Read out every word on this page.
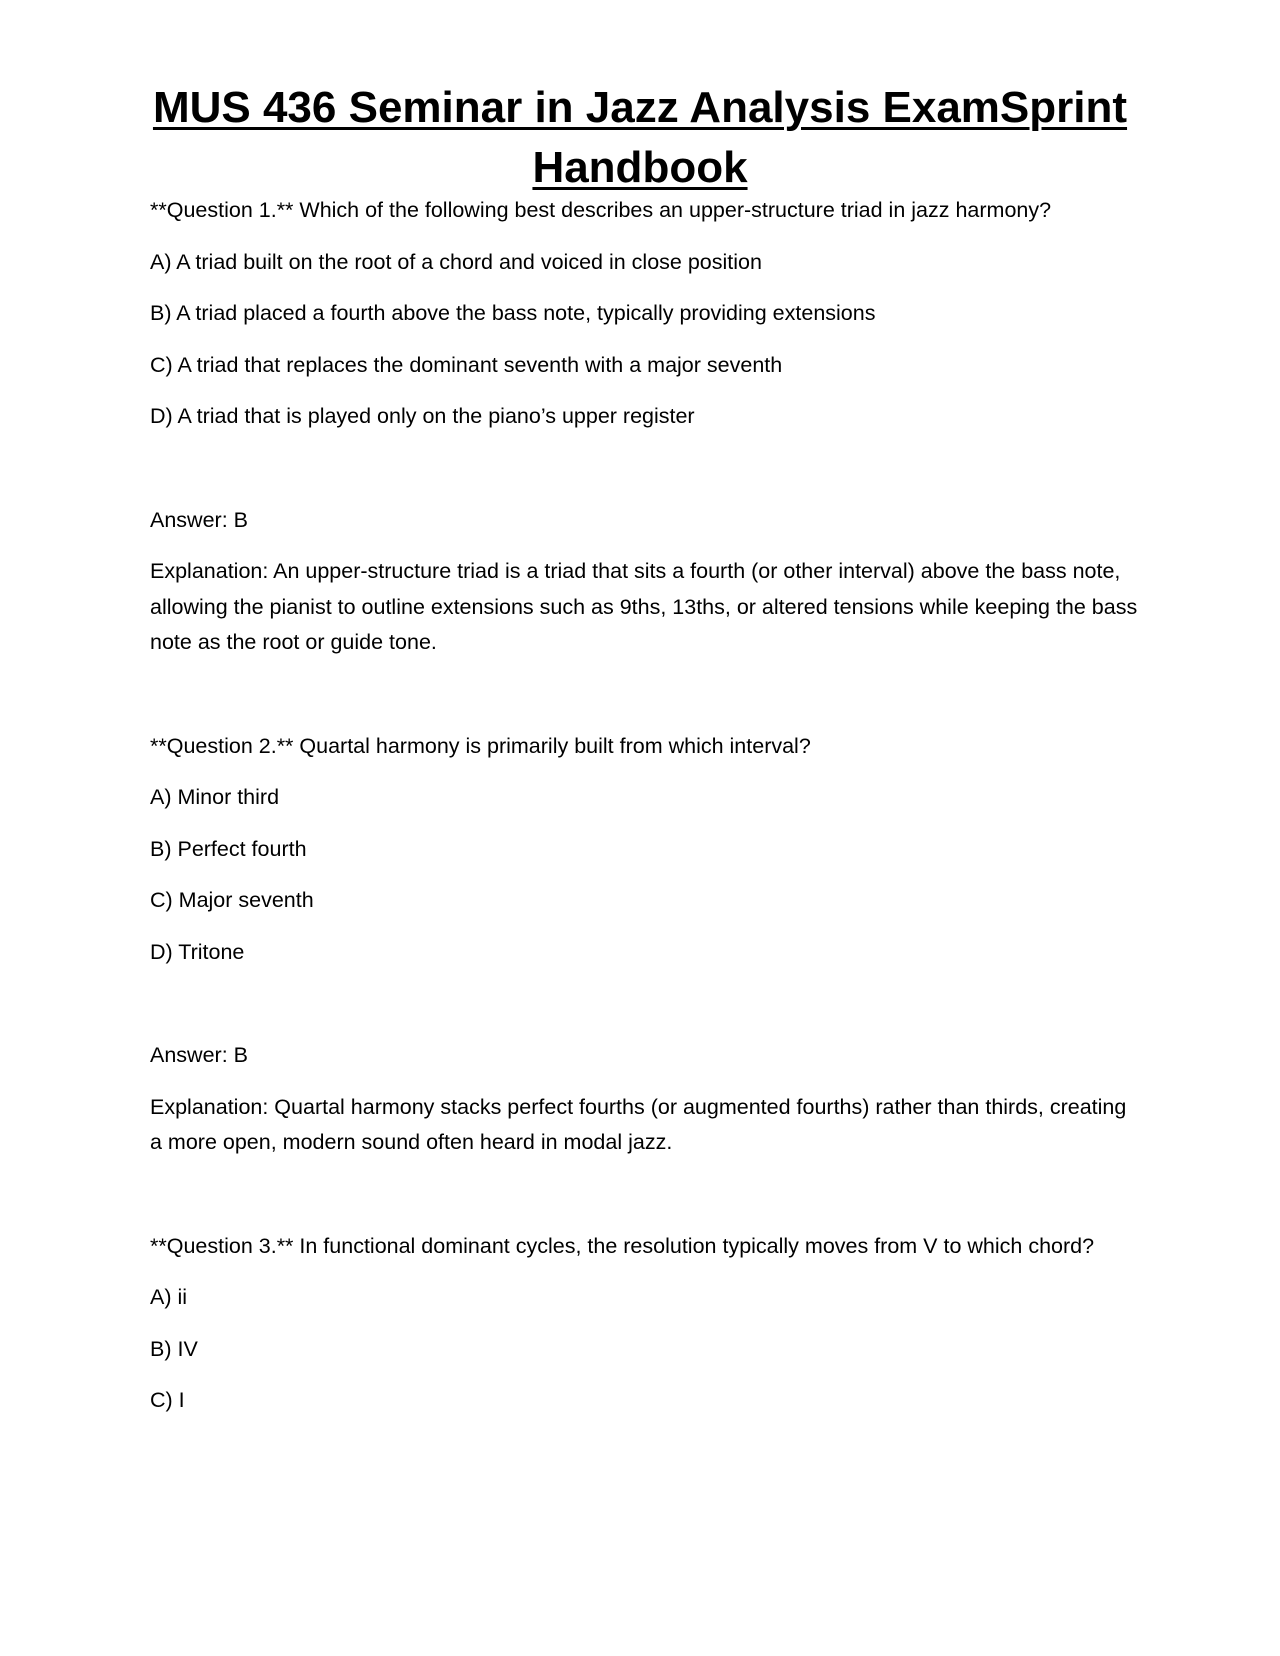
MUS 436 Seminar in Jazz Analysis ExamSprint Handbook

**Question 1.** Which of the following best describes an upper-structure triad in jazz harmony?

A) A triad built on the root of a chord and voiced in close position

B) A triad placed a fourth above the bass note, typically providing extensions

C) A triad that replaces the dominant seventh with a major seventh

D) A triad that is played only on the piano’s upper register

Answer: B

Explanation: An upper-structure triad is a triad that sits a fourth (or other interval) above the bass note, allowing the pianist to outline extensions such as 9ths, 13ths, or altered tensions while keeping the bass note as the root or guide tone.

**Question 2.** Quartal harmony is primarily built from which interval?

A) Minor third

B) Perfect fourth

C) Major seventh

D) Tritone

Answer: B

Explanation: Quartal harmony stacks perfect fourths (or augmented fourths) rather than thirds, creating a more open, modern sound often heard in modal jazz.

**Question 3.** In functional dominant cycles, the resolution typically moves from V to which chord?

A) ii

B) IV

C) I
